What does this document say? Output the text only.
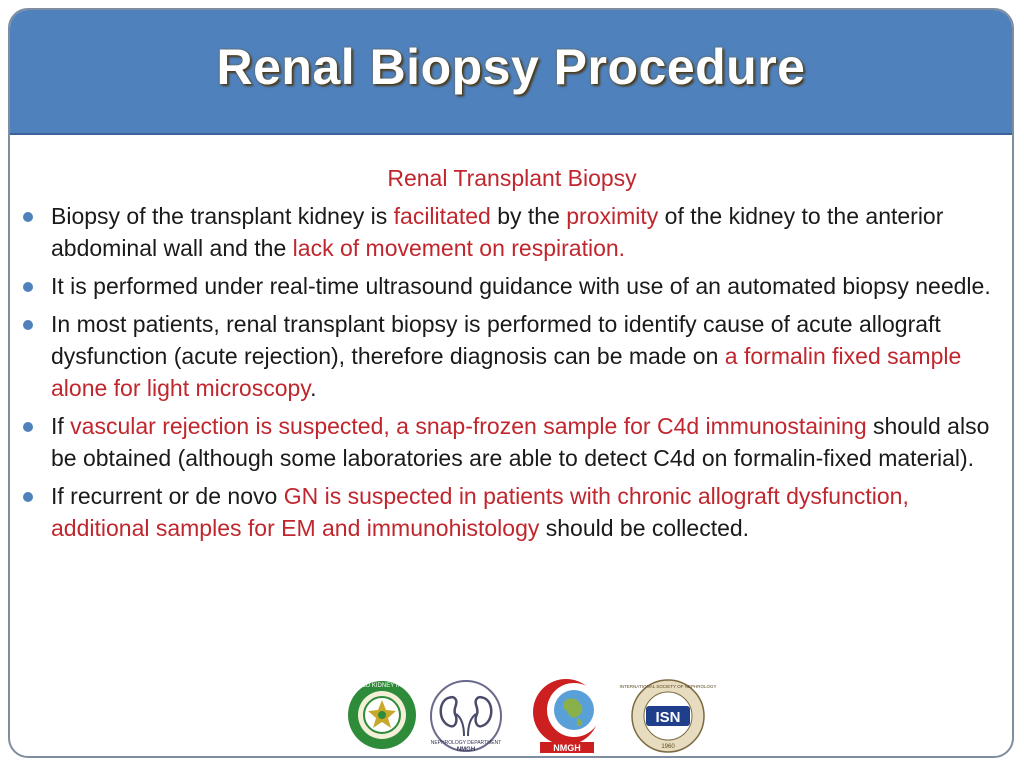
Renal Biopsy Procedure
Renal Transplant Biopsy
Biopsy of the transplant kidney is facilitated by the proximity of the kidney to the anterior abdominal wall and the lack of movement on respiration.
It is performed under real-time ultrasound guidance with use of an automated biopsy needle.
In most patients, renal transplant biopsy is performed to identify cause of acute allograft dysfunction (acute rejection), therefore diagnosis can be made on a formalin fixed sample alone for light microscopy.
If vascular rejection is suspected, a snap-frozen sample for C4d immunostaining should also be obtained (although some laboratories are able to detect C4d on formalin-fixed material).
If recurrent or de novo GN is suspected in patients with chronic allograft dysfunction, additional samples for EM and immunohistology should be collected.
SHEFFIELD KIDNEY INSTITUTE
NEPHROLOGY DEPARTMENT
NMGH	NMGH
ISN
1960
INTERNATIONAL SOCIETY OF NEPHROLOGY
